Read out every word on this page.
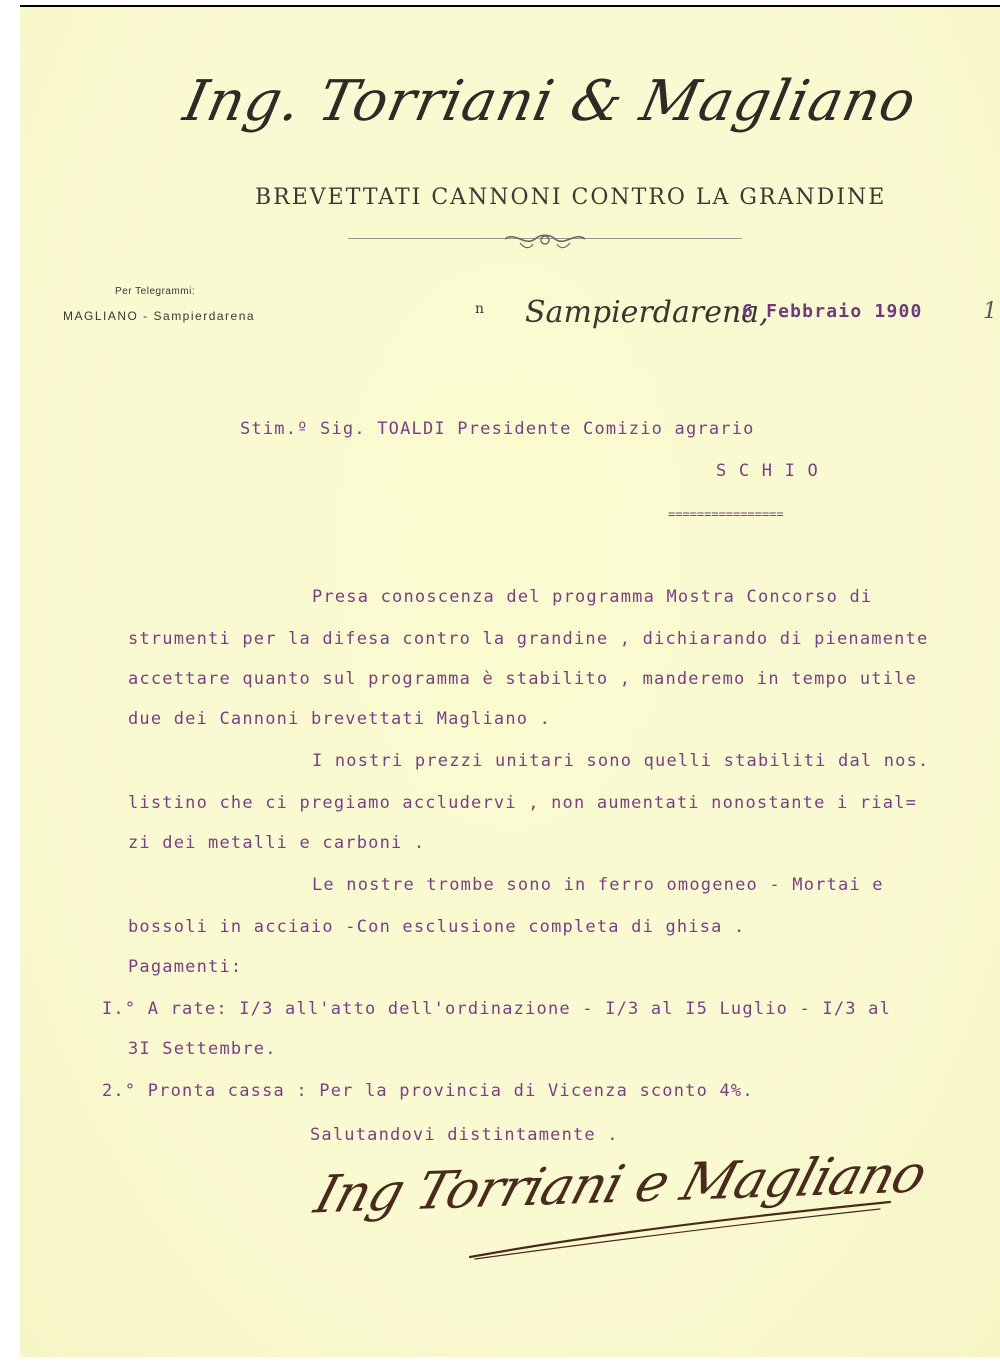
Ing. Torriani & Magliano
BREVETTATI CANNONI CONTRO LA GRANDINE
Per Telegrammi:
MAGLIANO - Sampierdarena	n Sampierdarena,
6 Febbraio 1900	1
Stim.º Sig. TOALDI Presidente Comizio agrario
S C H I O
================
Presa conoscenza del programma Mostra Concorso di
strumenti per la difesa contro la grandine , dichiarando di pienamente
accettare quanto sul programma è stabilito , manderemo in tempo utile
due dei Cannoni brevettati Magliano .
I nostri prezzi unitari sono quelli stabiliti dal nos.
listino che ci pregiamo accludervi , non aumentati nonostante i rial=
zi dei metalli e carboni .
Le nostre trombe sono in ferro omogeneo - Mortai e
bossoli in acciaio -Con esclusione completa di ghisa .
Pagamenti:
I.° A rate: I/3 all'atto dell'ordinazione - I/3 al I5 Luglio - I/3 al
3I Settembre.
2.° Pronta cassa : Per la provincia di Vicenza sconto 4%.
Salutandovi distintamente .
Ing Torriani e Magliano
